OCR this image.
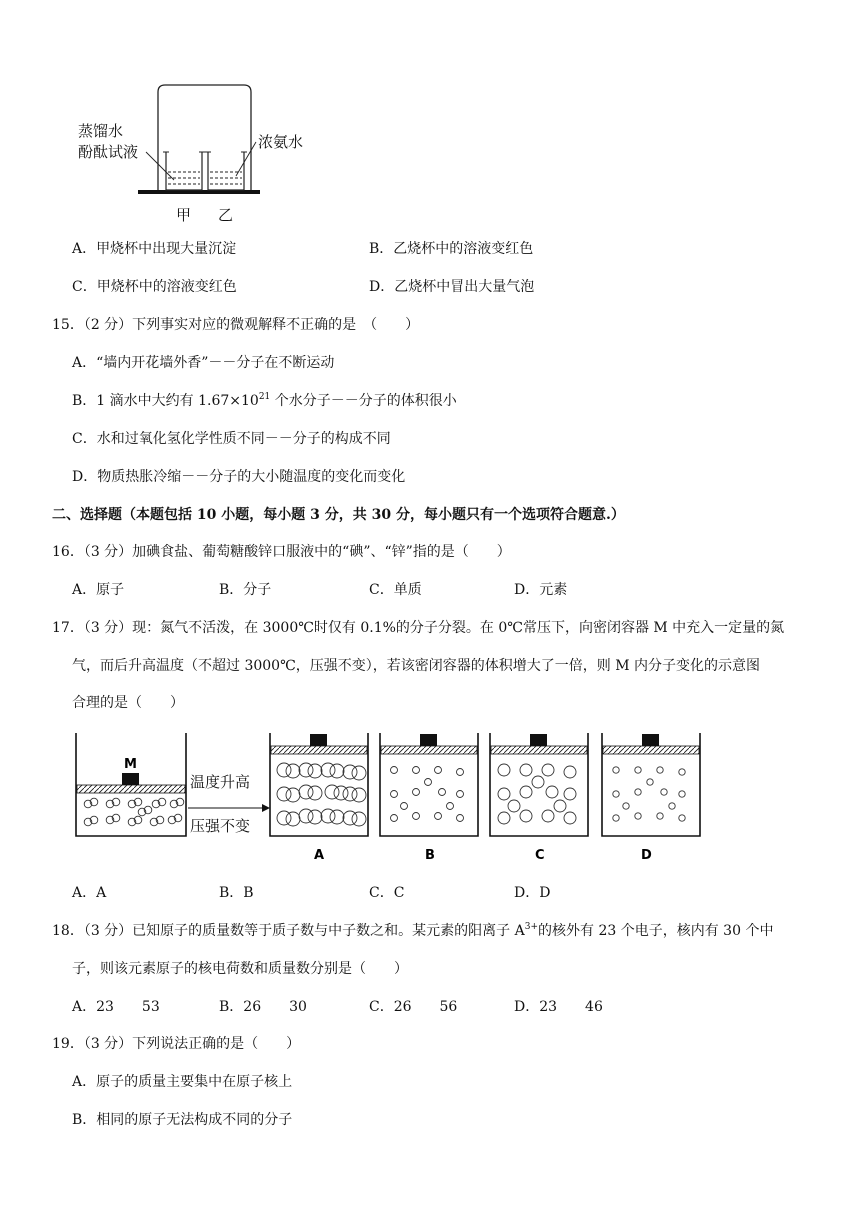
蒸馏水
酚酞试液
浓氨水
甲 乙
A．甲烧杯中出现大量沉淀	B．乙烧杯中的溶液变红色
C．甲烧杯中的溶液变红色	D．乙烧杯中冒出大量气泡
15．（2 分）下列事实对应的微观解释不正确的是　（　　）
A．“墙内开花墙外香”－－分子在不断运动
B．1 滴水中大约有 $1.67\times 10^{21}$ 个水分子－－分子的体积很小
C．水和过氧化氢化学性质不同－－分子的构成不同
D．物质热胀冷缩－－分子的大小随温度的变化而变化
二、选择题（本题包括 10 小题，每小题 3 分，共 30 分，每小题只有一个选项符合题意.）
16．（3 分）加碘食盐、葡萄糖酸锌口服液中的“碘”、“锌”指的是（　　）
A．原子	B．分子	C．单质	D．元素
17．（3 分）现：氮气不活泼，在 3000℃时仅有 0.1%的分子分裂。在 0℃常压下，向密闭容器 M 中充入一定量的氮
气，而后升高温度（不超过 3000℃，压强不变），若该密闭容器的体积增大了一倍，则 M 内分子变化的示意图
合理的是（　　）
M
温度升高
压强不变
A	B	C	D
A．A	B．B	C．C	D．D
18．（3 分）已知原子的质量数等于质子数与中子数之和。某元素的阳离子 $A^{3+}$的核外有 23 个电子，核内有 30 个中
子，则该元素原子的核电荷数和质量数分别是（　　）
A．23　　53	B．26　　30	C．26　　56	D．23　　46
19．（3 分）下列说法正确的是（　　）
A．原子的质量主要集中在原子核上
B．相同的原子无法构成不同的分子
